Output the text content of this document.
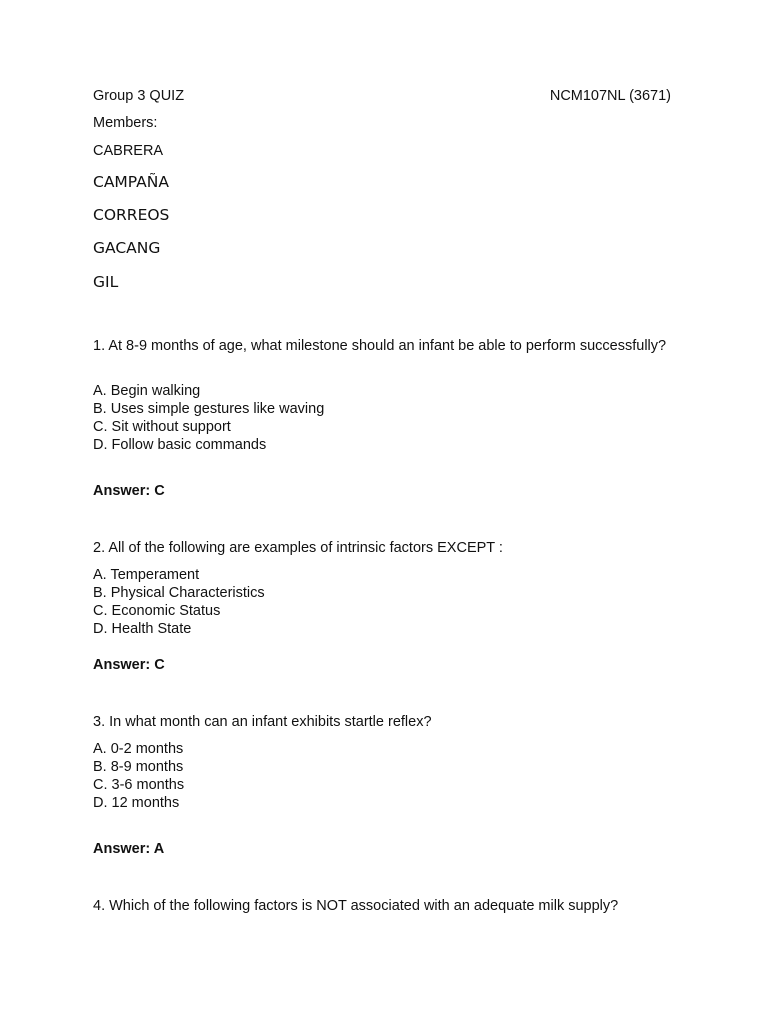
Group 3 QUIZ	NCM107NL (3671)
Members:
CABRERA
CAMPAÑA
CORREOS
GACANG
GIL
1. At 8-9 months of age, what milestone should an infant be able to perform successfully?
A. Begin walking
B. Uses simple gestures like waving
C. Sit without support
D. Follow basic commands
Answer: C
2. All of the following are examples of intrinsic factors EXCEPT :
A. Temperament
B. Physical Characteristics
C. Economic Status
D. Health State
Answer: C
3. In what month can an infant exhibits startle reflex?
A. 0-2 months
B. 8-9 months
C. 3-6 months
D. 12 months
Answer: A
4. Which of the following factors is NOT associated with an adequate milk supply?
